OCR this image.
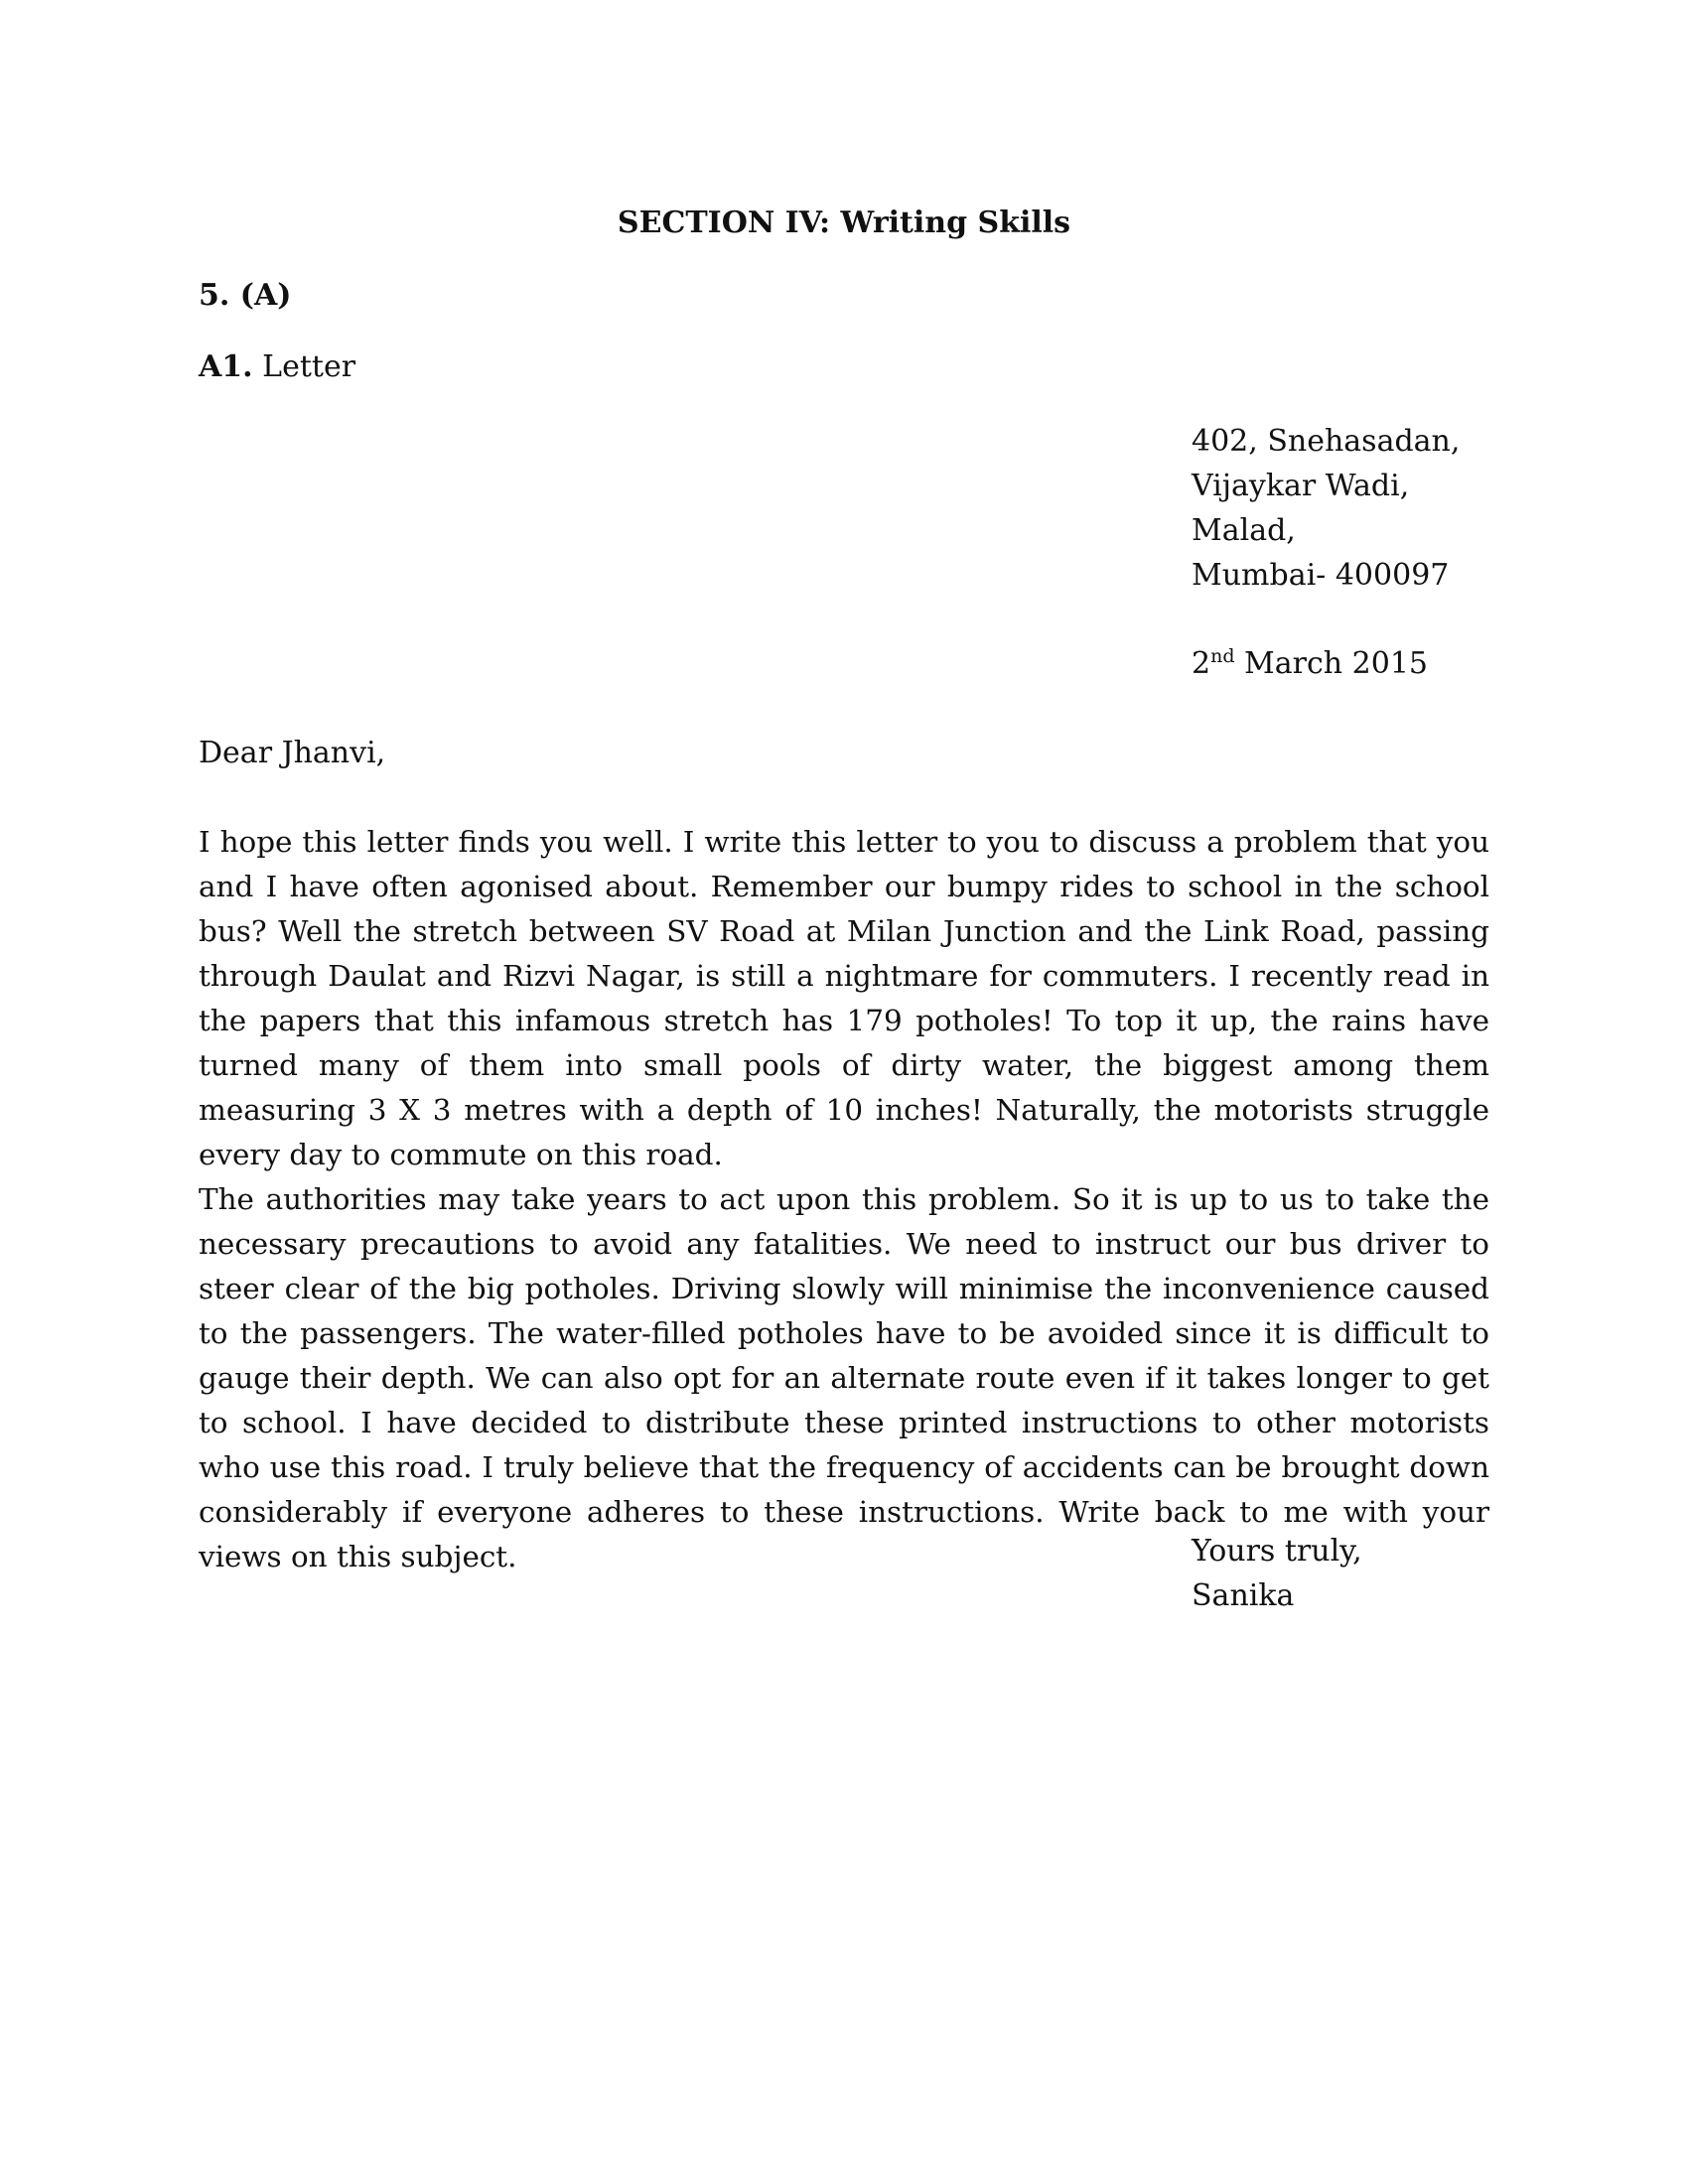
SECTION IV: Writing Skills
5. (A)
A1. Letter
402, Snehasadan,
Vijaykar Wadi,
Malad,
Mumbai- 400097
2nd March 2015
Dear Jhanvi,

I hope this letter finds you well. I write this letter to you to discuss a problem that you and I have often agonised about. Remember our bumpy rides to school in the school bus? Well the stretch between SV Road at Milan Junction and the Link Road, passing through Daulat and Rizvi Nagar, is still a nightmare for commuters. I recently read in the papers that this infamous stretch has 179 potholes! To top it up, the rains have turned many of them into small pools of dirty water, the biggest among them measuring 3 X 3 metres with a depth of 10 inches! Naturally, the motorists struggle every day to commute on this road.

The authorities may take years to act upon this problem. So it is up to us to take the necessary precautions to avoid any fatalities. We need to instruct our bus driver to steer clear of the big potholes. Driving slowly will minimise the inconvenience caused to the passengers. The water-filled potholes have to be avoided since it is difficult to gauge their depth. We can also opt for an alternate route even if it takes longer to get to school. I have decided to distribute these printed instructions to other motorists who use this road. I truly believe that the frequency of accidents can be brought down considerably if everyone adheres to these instructions. Write back to me with your views on this subject.	Yours truly,
Sanika
